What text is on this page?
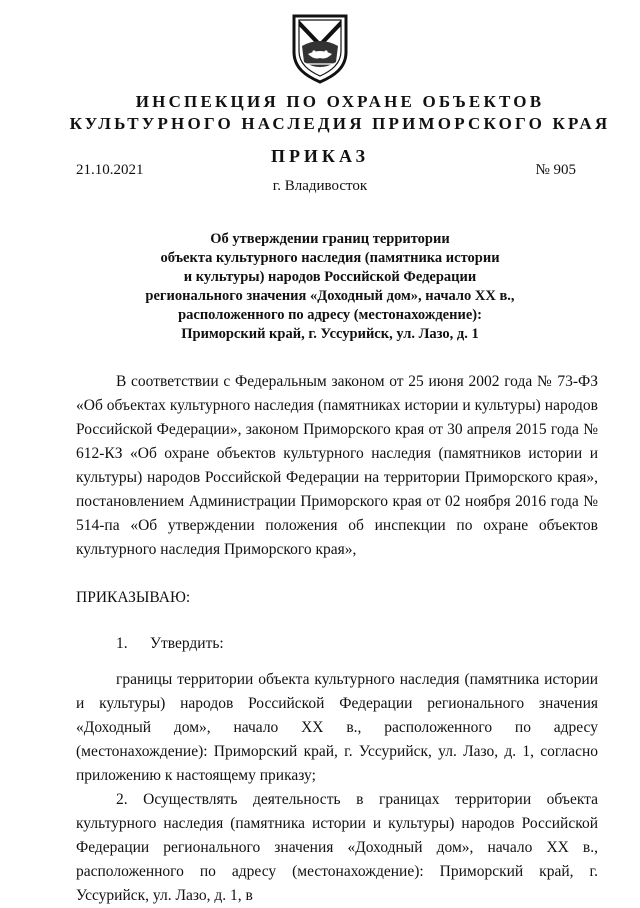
ИНСПЕКЦИЯ ПО ОХРАНЕ ОБЪЕКТОВ
КУЛЬТУРНОГО НАСЛЕДИЯ ПРИМОРСКОГО КРАЯ
ПРИКАЗ
21.10.2021	№ 905
г. Владивосток
Об утверждении границ территории
объекта культурного наследия (памятника истории
и культуры) народов Российской Федерации
регионального значения «Доходный дом», начало XX в.,
расположенного по адресу (местонахождение):
Приморский край, г. Уссурийск, ул. Лазо, д. 1

В соответствии с Федеральным законом от 25 июня 2002 года № 73-ФЗ «Об объектах культурного наследия (памятниках истории и культуры) народов Российской Федерации», законом Приморского края от 30 апреля 2015 года № 612-КЗ «Об охране объектов культурного наследия (памятников истории и культуры) народов Российской Федерации на территории Приморского края», постановлением Администрации Приморского края от 02 ноября 2016 года № 514-па «Об утверждении положения об инспекции по охране объектов культурного наследия Приморского края»,

ПРИКАЗЫВАЮ:

1. Утвердить:

границы территории объекта культурного наследия (памятника истории и культуры) народов Российской Федерации регионального значения «Доходный дом», начало XX в., расположенного по адресу (местонахождение): Приморский край, г. Уссурийск, ул. Лазо, д. 1, согласно приложению к настоящему приказу;

2. Осуществлять деятельность в границах территории объекта культурного наследия (памятника истории и культуры) народов Российской Федерации регионального значения «Доходный дом», начало XX в., расположенного по адресу (местонахождение): Приморский край, г. Уссурийск, ул. Лазо, д. 1, в
